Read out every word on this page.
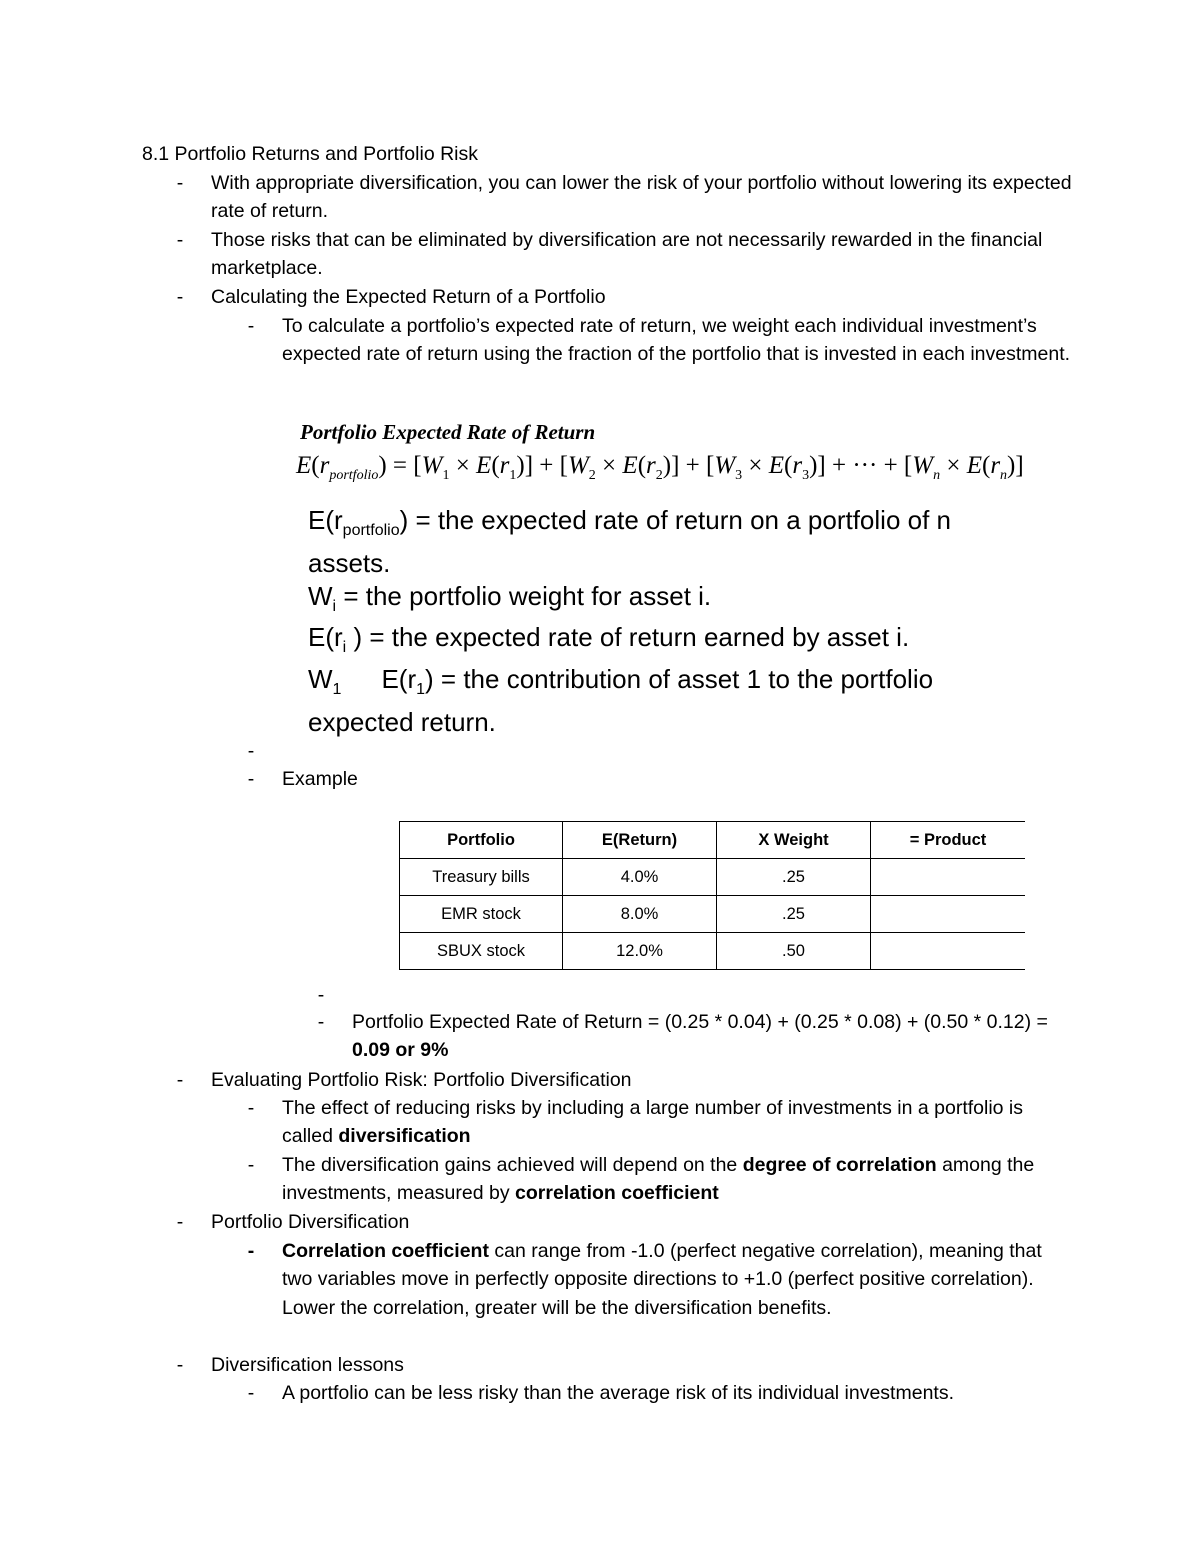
8.1 Portfolio Returns and Portfolio Risk
-	With appropriate diversification, you can lower the risk of your portfolio without lowering its expected rate of return.
-	Those risks that can be eliminated by diversification are not necessarily rewarded in the financial marketplace.
-	Calculating the Expected Return of a Portfolio
-	To calculate a portfolio’s expected rate of return, we weight each individual investment’s expected rate of return using the fraction of the portfolio that is invested in each investment.
Portfolio Expected Rate of Return
$E(r_{portfolio}) = [W_1 \times E(r_1)] + [W_2 \times E(r_2)] + [W_3 \times E(r_3)]$ + ··· + $[W_n \times E(r_n)]$
$E(r_{portfolio})$ = the expected rate of return on a portfolio of n assets.
$W_i$ = the portfolio weight for asset i.
$E(r_i$ ) = the expected rate of return earned by asset i.
$W_1$ $E(r_1)$ = the contribution of asset 1 to the portfolio expected return.
-
-	Example
Portfolio	E(Return)	X Weight	= Product
Treasury bills	4.0%	.25	
EMR stock	8.0%	.25	
SBUX stock	12.0%	.50	
-
-	Portfolio Expected Rate of Return = (0.25 * 0.04) + (0.25 * 0.08) + (0.50 * 0.12) = 0.09 or 9%
-	Evaluating Portfolio Risk: Portfolio Diversification
-	The effect of reducing risks by including a large number of investments in a portfolio is called diversification
-	The diversification gains achieved will depend on the degree of correlation among the investments, measured by correlation coefficient
-	Portfolio Diversification
-	Correlation coefficient can range from -1.0 (perfect negative correlation), meaning that two variables move in perfectly opposite directions to +1.0 (perfect positive correlation). Lower the correlation, greater will be the diversification benefits.
-	Diversification lessons
-	A portfolio can be less risky than the average risk of its individual investments.
